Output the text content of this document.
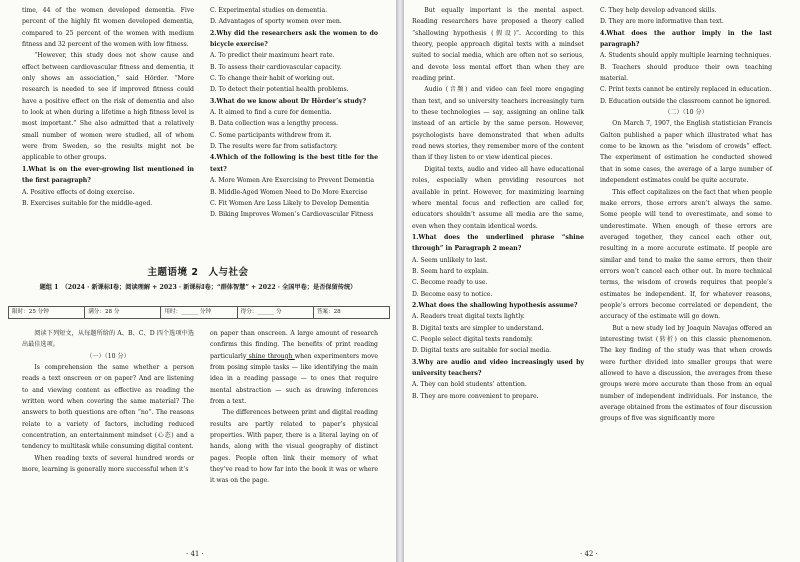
time, 44 of the women developed dementia. Five percent of the highly fit women developed dementia, compared to 25 percent of the women with medium fitness and 32 percent of the women with low fitness.

“However, this study does not show cause and effect between cardiovascular fitness and dementia, it only shows an association,” said Hörder. “More research is needed to see if improved fitness could have a positive effect on the risk of dementia and also to look at when during a lifetime a high fitness level is most important.” She also admitted that a relatively small number of women were studied, all of whom were from Sweden, so the results might not be applicable to other groups.

1.What is on the ever-growing list mentioned in the first paragraph?

A. Positive effects of doing exercise.

B. Exercises suitable for the middle-aged.

C. Experimental studies on dementia.

D. Advantages of sporty women over men.

2.Why did the researchers ask the women to do bicycle exercise?

A. To predict their maximum heart rate.

B. To assess their cardiovascular capacity.

C. To change their habit of working out.

D. To detect their potential health problems.

3.What do we know about Dr Hörder’s study?

A. It aimed to find a cure for dementia.

B. Data collection was a lengthy process.

C. Some participants withdrew from it.

D. The results were far from satisfactory.

4.Which of the following is the best title for the text?

A. More Women Are Exercising to Prevent Dementia

B. Middle-Aged Women Need to Do More Exercise

C. Fit Women Are Less Likely to Develop Dementia

D. Biking Improves Women’s Cardiovascular Fitness

主题语境 2　人与社会
题组 1　（2024 · 新课标Ⅰ卷；阅读理解 + 2023 · 新课标Ⅰ卷；“群体智慧” + 2022 · 全国甲卷；是否保留传统）
限时：25 分钟	满分：28 分	用时：______ 分钟	得分：______ 分	答案：28

阅读下列短文，从每题所给的 A、B、C、D 四个选项中选出最佳选项。

（一）（10 分）

Is comprehension the same whether a person reads a text onscreen or on paper? And are listening to and viewing content as effective as reading the written word when covering the same material? The answers to both questions are often “no”. The reasons relate to a variety of factors, including reduced concentration, an entertainment mindset (心态) and a tendency to multitask while consuming digital content.

When reading texts of several hundred words or more, learning is generally more successful when it’s

on paper than onscreen. A large amount of research confirms this finding. The benefits of print reading particularly shine through when experimenters move from posing simple tasks — like identifying the main idea in a reading passage — to ones that require mental abstraction — such as drawing inferences from a text.

The differences between print and digital reading results are partly related to paper’s physical properties. With paper, there is a literal laying on of hands, along with the visual geography of distinct pages. People often link their memory of what they’ve read to how far into the book it was or where it was on the page.

· 41 ·

But equally important is the mental aspect. Reading researchers have proposed a theory called “shallowing hypothesis (假设)”. According to this theory, people approach digital texts with a mindset suited to social media, which are often not so serious, and devote less mental effort than when they are reading print.

Audio (音频) and video can feel more engaging than text, and so university teachers increasingly turn to these technologies — say, assigning an online talk instead of an article by the same person. However, psychologists have demonstrated that when adults read news stories, they remember more of the content than if they listen to or view identical pieces.

Digital texts, audio and video all have educational roles, especially when providing resources not available in print. However, for maximizing learning where mental focus and reflection are called for, educators shouldn’t assume all media are the same, even when they contain identical words.

1.What does the underlined phrase “shine through” in Paragraph 2 mean?

A. Seem unlikely to last.

B. Seem hard to explain.

C. Become ready to use.

D. Become easy to notice.

2.What does the shallowing hypothesis assume?

A. Readers treat digital texts lightly.

B. Digital texts are simpler to understand.

C. People select digital texts randomly.

D. Digital texts are suitable for social media.

3.Why are audio and video increasingly used by university teachers?

A. They can hold students’ attention.

B. They are more convenient to prepare.

C. They help develop advanced skills.

D. They are more informative than text.

4.What does the author imply in the last paragraph?

A. Students should apply multiple learning techniques.

B. Teachers should produce their own teaching material.

C. Print texts cannot be entirely replaced in education.

D. Education outside the classroom cannot be ignored.

（二）（10 分）

On March 7, 1907, the English statistician Francis Galton published a paper which illustrated what has come to be known as the “wisdom of crowds” effect. The experiment of estimation he conducted showed that in some cases, the average of a large number of independent estimates could be quite accurate.

This effect capitalizes on the fact that when people make errors, those errors aren’t always the same. Some people will tend to overestimate, and some to underestimate. When enough of these errors are averaged together, they cancel each other out, resulting in a more accurate estimate. If people are similar and tend to make the same errors, then their errors won’t cancel each other out. In more technical terms, the wisdom of crowds requires that people’s estimates be independent. If, for whatever reasons, people’s errors become correlated or dependent, the accuracy of the estimate will go down.

But a new study led by Joaquin Navajas offered an interesting twist (转折) on this classic phenomenon. The key finding of the study was that when crowds were further divided into smaller groups that were allowed to have a discussion, the averages from these groups were more accurate than those from an equal number of independent individuals. For instance, the average obtained from the estimates of four discussion groups of five was significantly more

· 42 ·
